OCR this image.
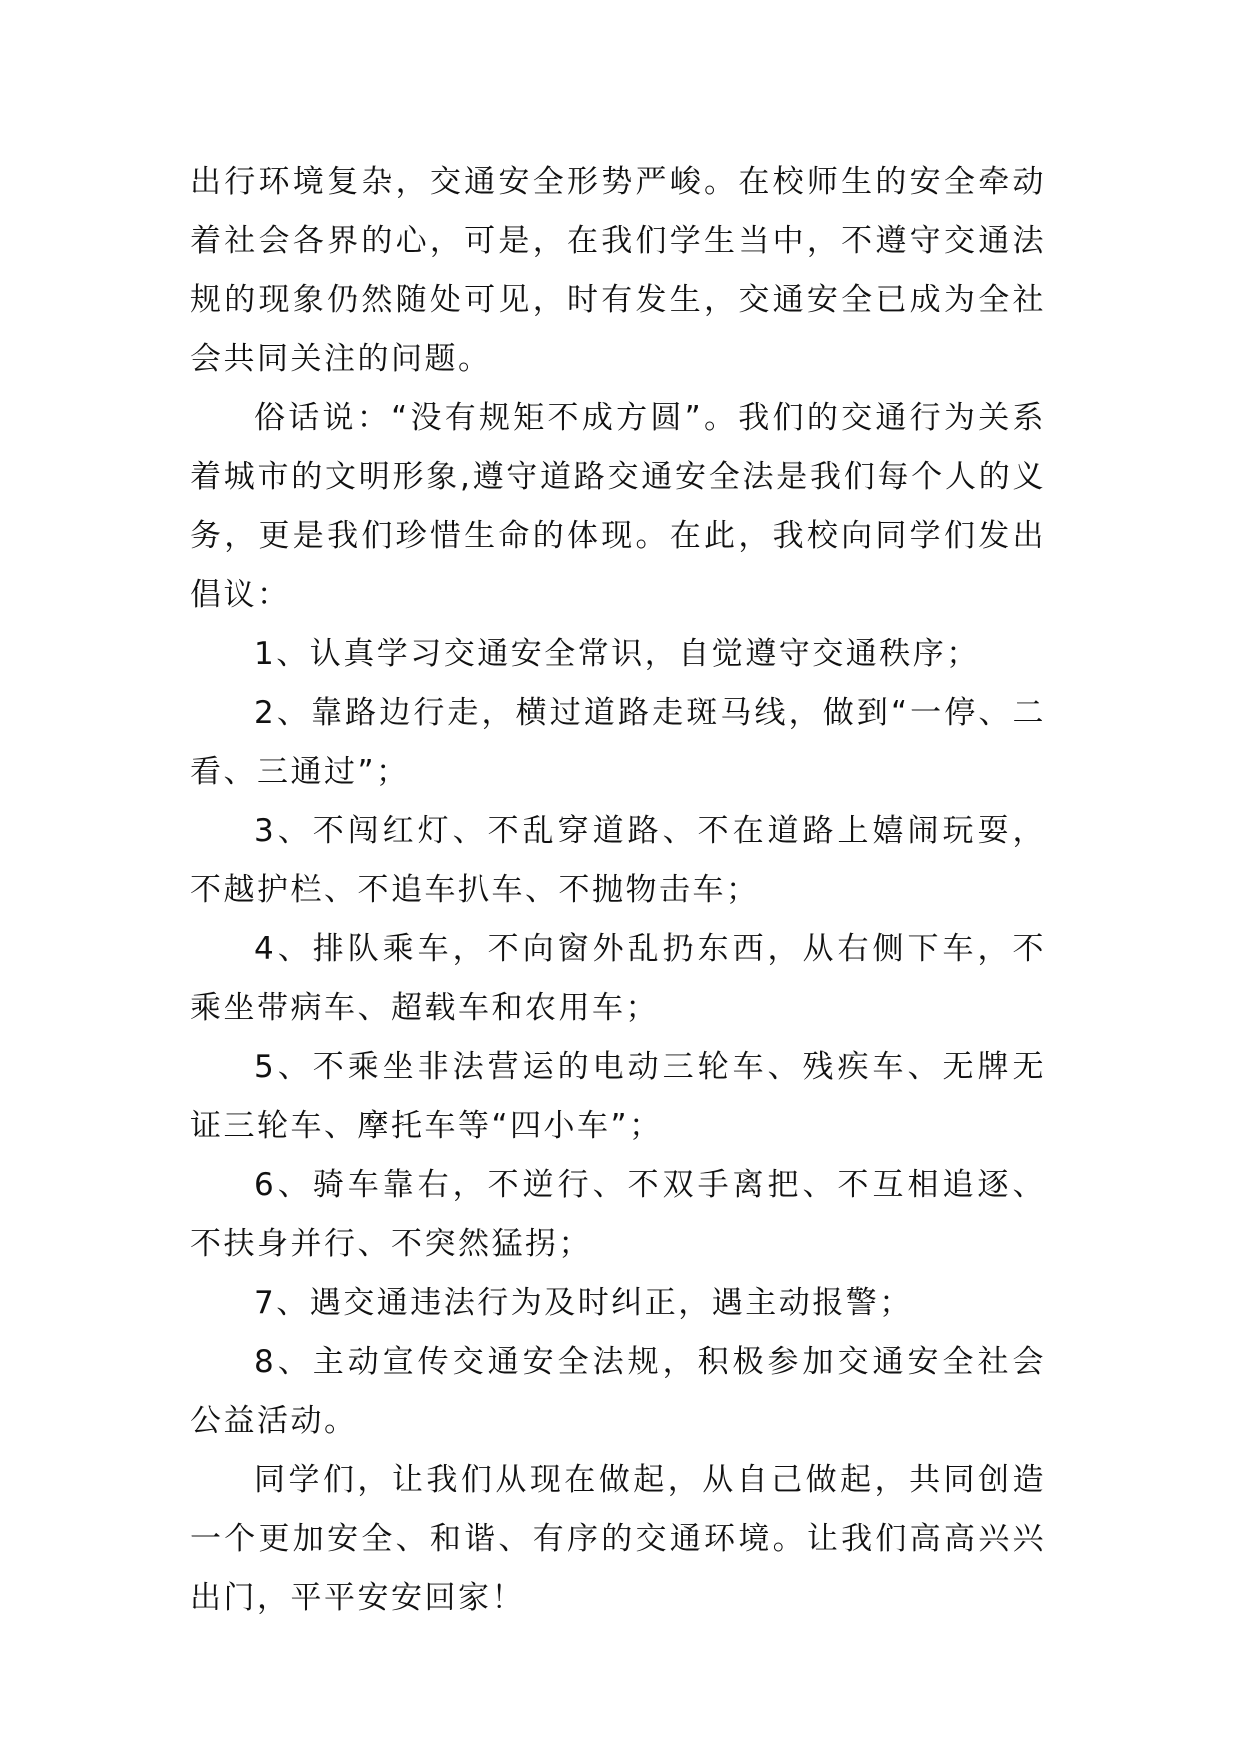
出行环境复杂，交通安全形势严峻。在校师生的安全牵动着社会各界的心，可是，在我们学生当中，不遵守交通法规的现象仍然随处可见，时有发生，交通安全已成为全社会共同关注的问题。

俗话说：“没有规矩不成方圆”。我们的交通行为关系着城市的文明形象,遵守道路交通安全法是我们每个人的义务，更是我们珍惜生命的体现。在此，我校向同学们发出倡议：

1、认真学习交通安全常识，自觉遵守交通秩序；

2、靠路边行走，横过道路走斑马线，做到“一停、二看、三通过”；

3、不闯红灯、不乱穿道路、不在道路上嬉闹玩耍，不越护栏、不追车扒车、不抛物击车；

4、排队乘车，不向窗外乱扔东西，从右侧下车，不乘坐带病车、超载车和农用车；

5、不乘坐非法营运的电动三轮车、残疾车、无牌无证三轮车、摩托车等“四小车”；

6、骑车靠右，不逆行、不双手离把、不互相追逐、不扶身并行、不突然猛拐；

7、遇交通违法行为及时纠正，遇主动报警；

8、主动宣传交通安全法规，积极参加交通安全社会公益活动。

同学们，让我们从现在做起，从自己做起，共同创造一个更加安全、和谐、有序的交通环境。让我们高高兴兴出门，平平安安回家！
